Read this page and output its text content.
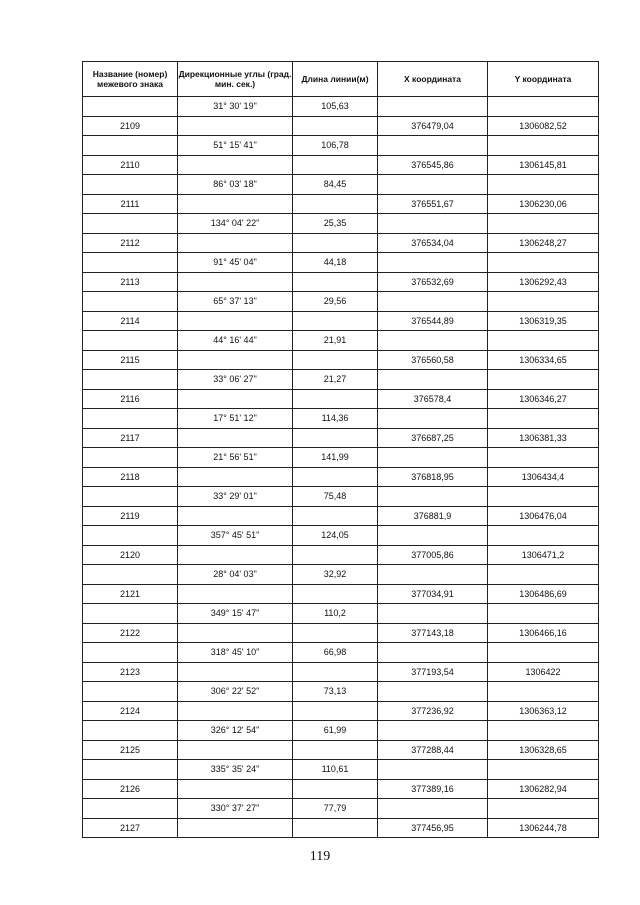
Название (номер) межевого знака	Дирекционные углы (град. мин. сек.)	Длина линии(м)	X координата	Y координата
	31° 30' 19"	105,63		
2109			376479,04	1306082,52
	51° 15' 41"	106,78		
2110			376545,86	1306145,81
	86° 03' 18"	84,45		
2111			376551,67	1306230,06
	134° 04' 22"	25,35		
2112			376534,04	1306248,27
	91° 45' 04"	44,18		
2113			376532,69	1306292,43
	65° 37' 13"	29,56		
2114			376544,89	1306319,35
	44° 16' 44"	21,91		
2115			376560,58	1306334,65
	33° 06' 27"	21,27		
2116			376578,4	1306346,27
	17° 51' 12"	114,36		
2117			376687,25	1306381,33
	21° 56' 51"	141,99		
2118			376818,95	1306434,4
	33° 29' 01"	75,48		
2119			376881,9	1306476,04
	357° 45' 51"	124,05		
2120			377005,86	1306471,2
	28° 04' 03"	32,92		
2121			377034,91	1306486,69
	349° 15' 47"	110,2		
2122			377143,18	1306466,16
	318° 45' 10"	66,98		
2123			377193,54	1306422
	306° 22' 52"	73,13		
2124			377236,92	1306363,12
	326° 12' 54"	61,99		
2125			377288,44	1306328,65
	335° 35' 24"	110,61		
2126			377389,16	1306282,94
	330° 37' 27"	77,79		
2127			377456,95	1306244,78
119
